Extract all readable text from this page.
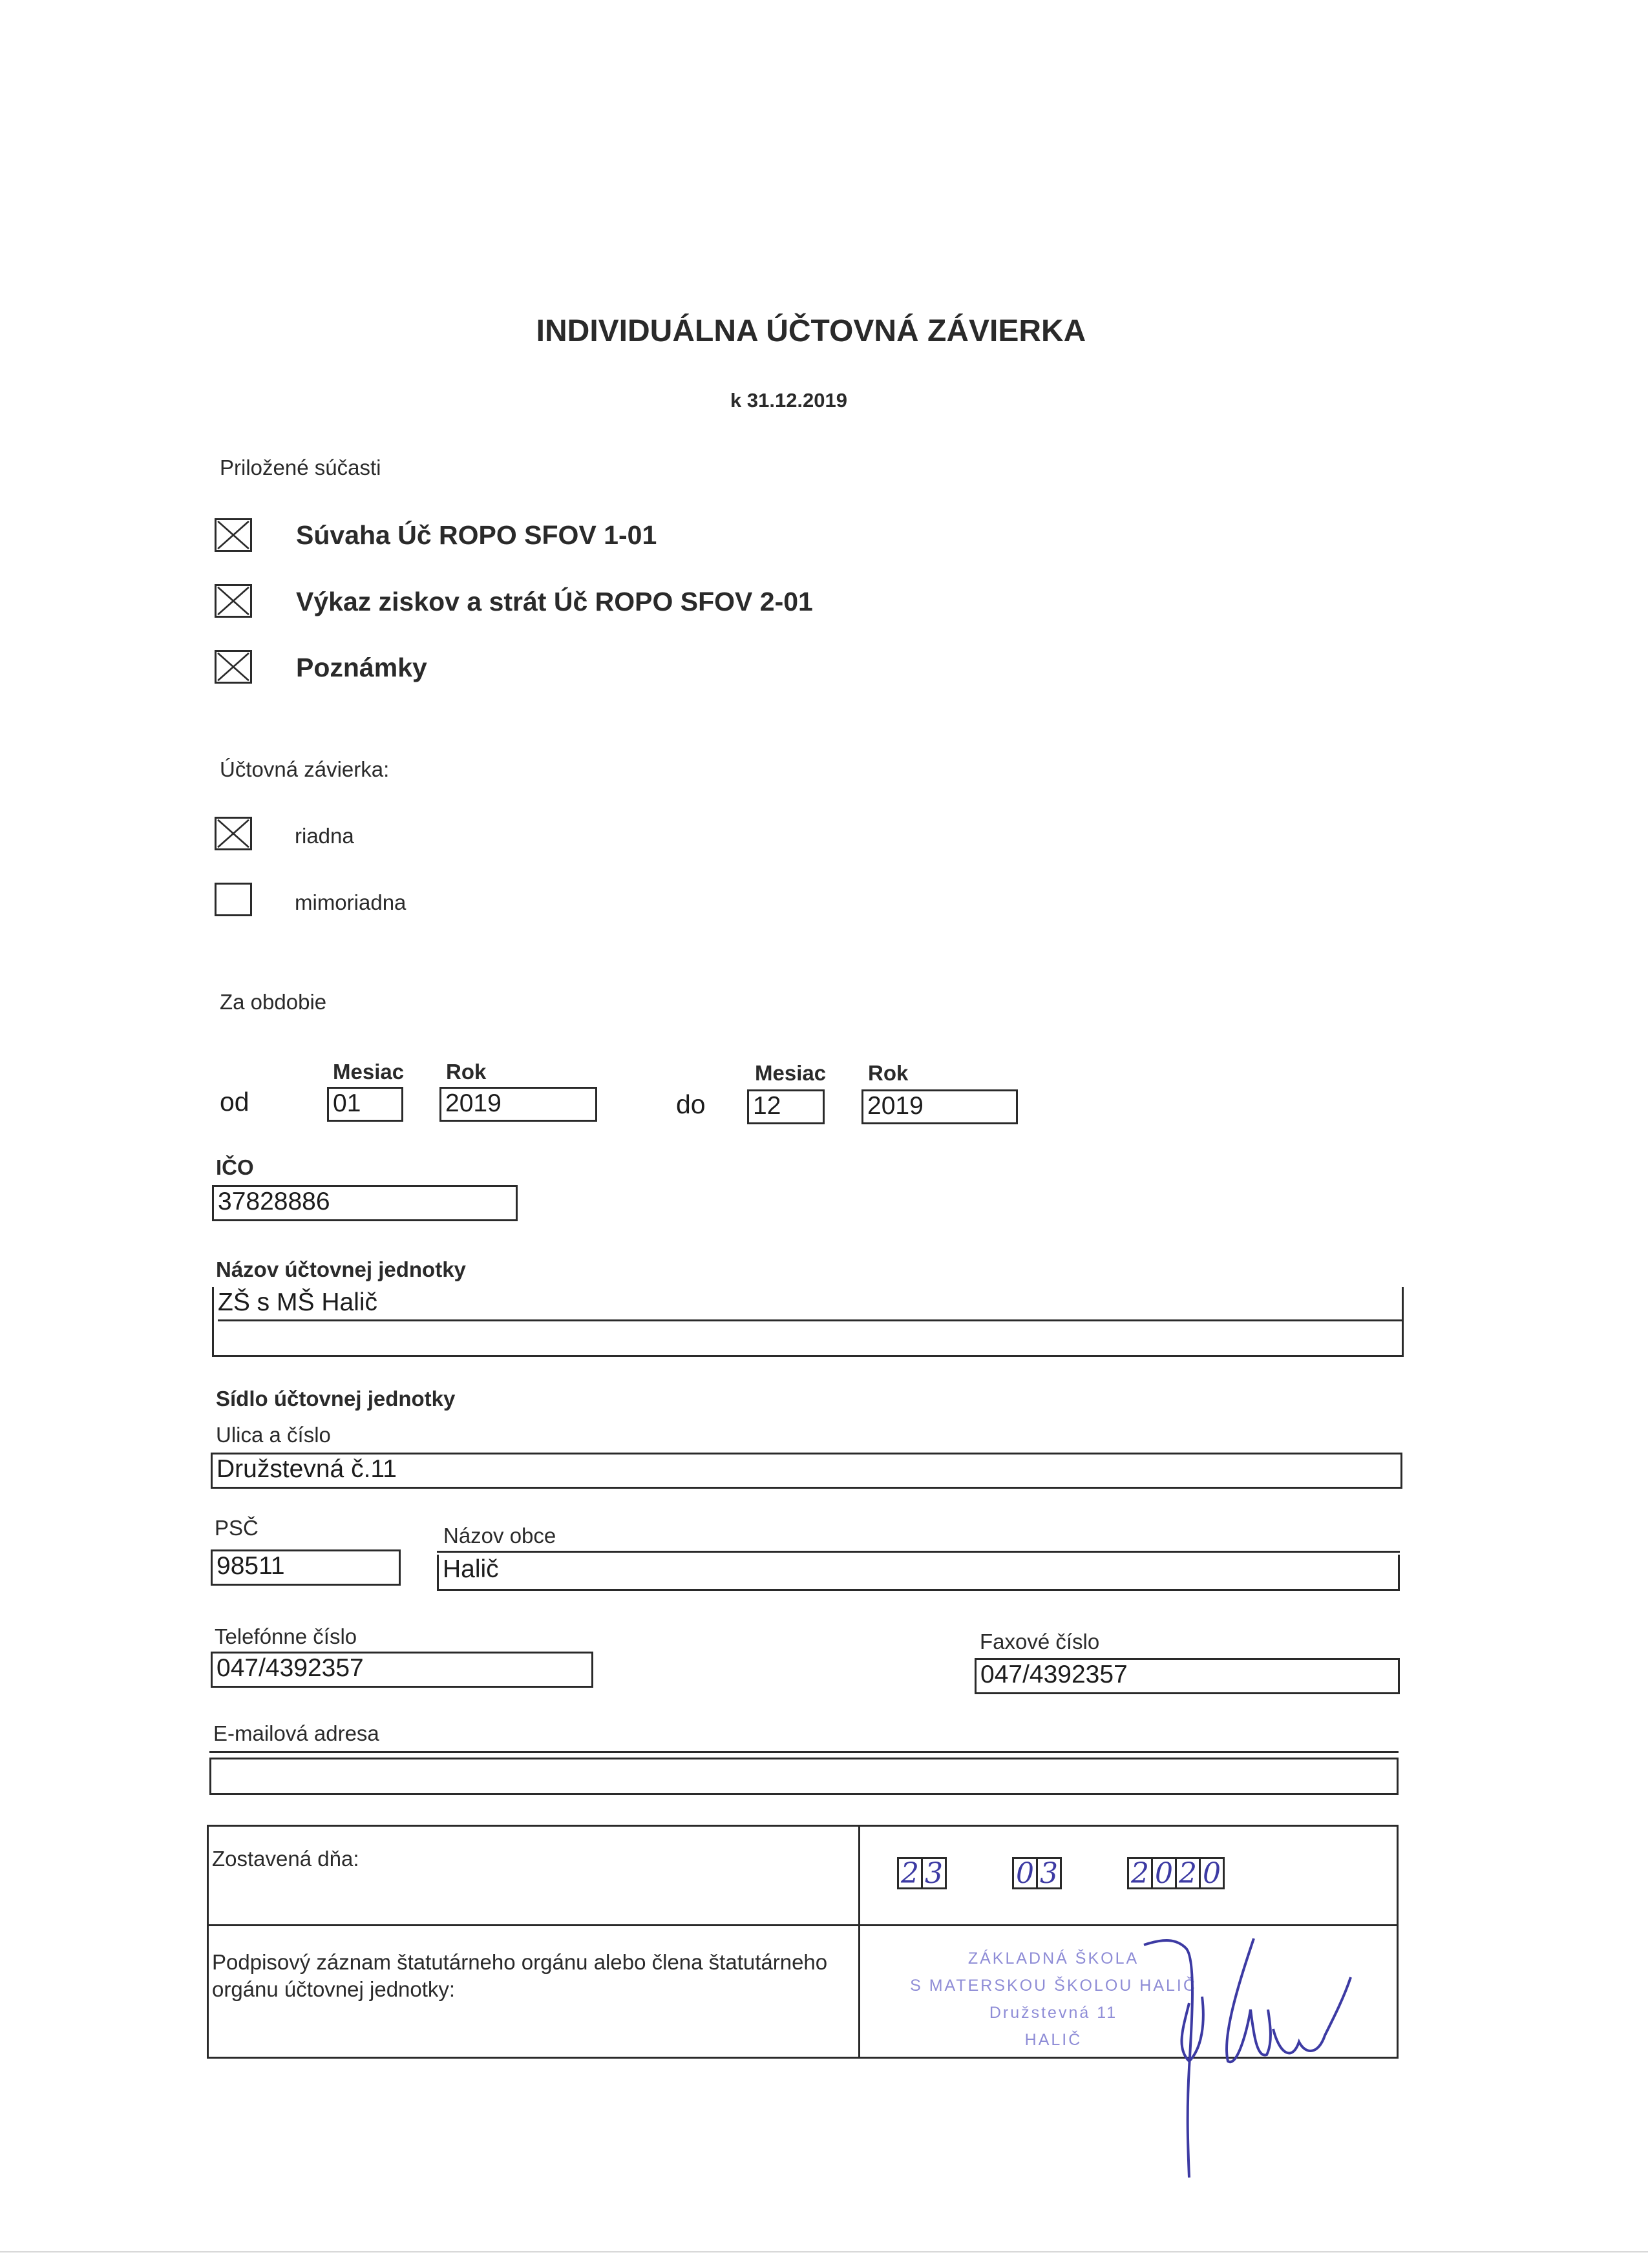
INDIVIDUÁLNA ÚČTOVNÁ ZÁVIERKA
k 31.12.2019
Priložené súčasti
Súvaha Úč ROPO SFOV 1-01
Výkaz ziskov a strát Úč ROPO SFOV 2-01
Poznámky
Účtovná závierka:
riadna
mimoriadna
Za obdobie
Mesiac Rok
od	01	2019
Mesiac Rok
do 12	2019
IČO
37828886
Názov účtovnej jednotky
ZŠ s MŠ Halič
Sídlo účtovnej jednotky
Ulica a číslo
Družstevná č.11
PSČ
98511
Názov obce
Halič
Telefónne číslo
047/4392357
Faxové číslo
047/4392357
E-mailová adresa
Zostavená dňa:	2 3	0 3	2 0 2 0
Podpisový záznam štatutárneho orgánu alebo člena štatutárneho
orgánu účtovnej jednotky:
ZÁKLADNÁ ŠKOLA
S MATERSKOU ŠKOLOU HALIČ
Družstevná 11
HALIČ
